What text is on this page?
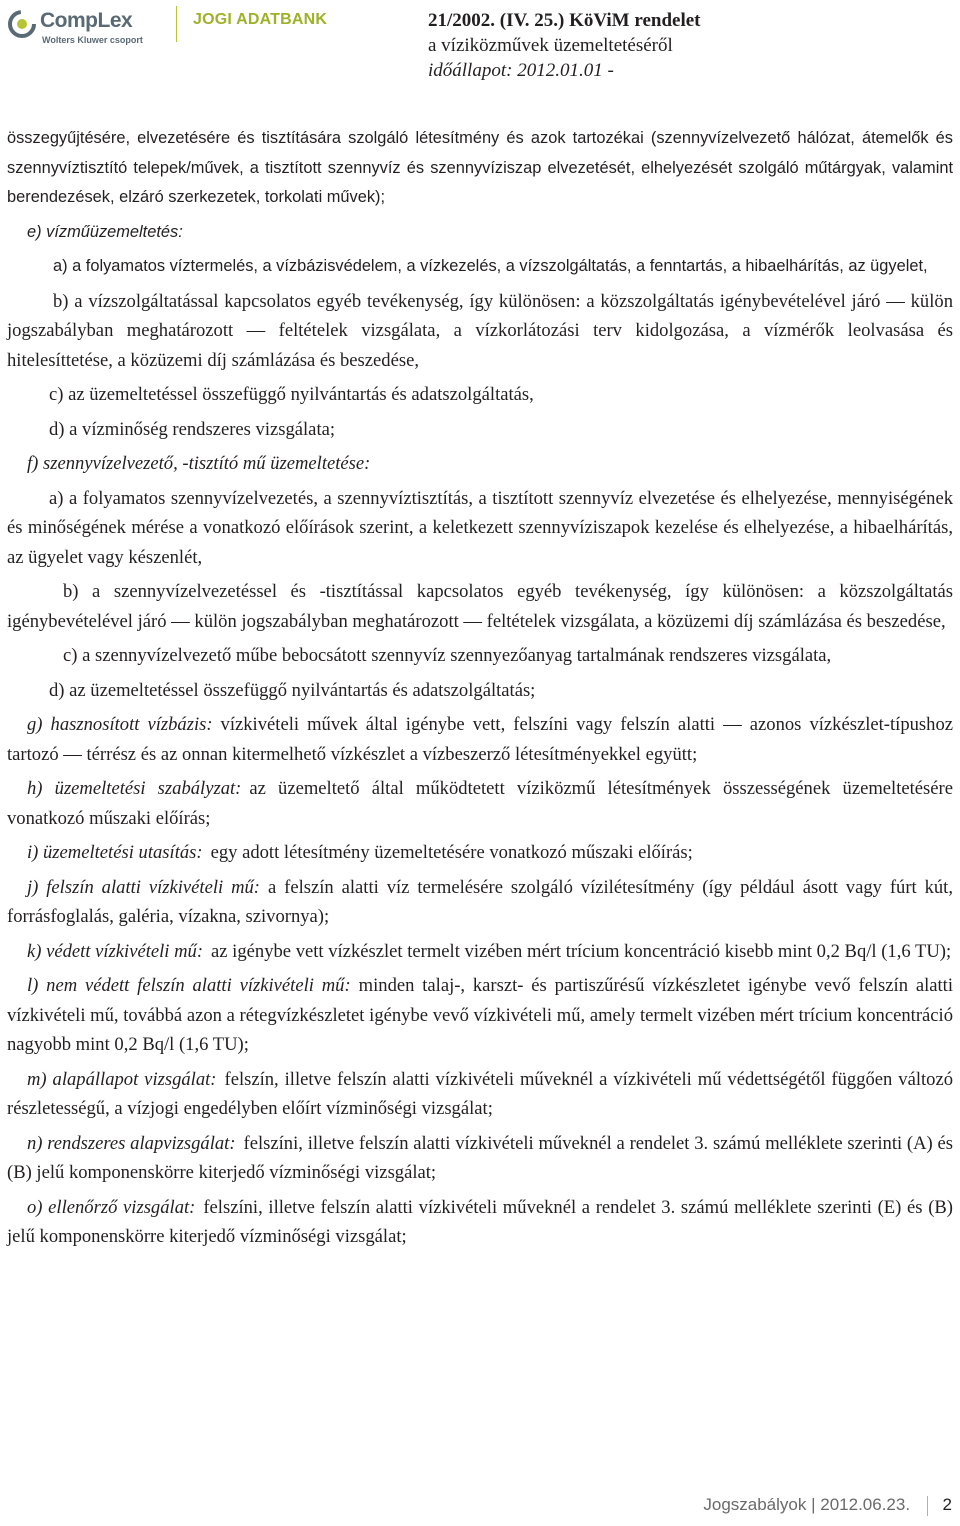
CompLex
Wolters Kluwer csoport
JOGI ADATBANK	21/2002. (IV. 25.) KöViM rendelet
a víziközművek üzemeltetéséről
időállapot: 2012.01.01 -

összegyűjtésére, elvezetésére és tisztítására szolgáló létesítmény és azok tartozékai (szennyvízelvezető hálózat, átemelők és szennyvíztisztító telepek/művek, a tisztított szennyvíz és szennyvíziszap elvezetését, elhelyezését szolgáló műtárgyak, valamint berendezések, elzáró szerkezetek, torkolati művek);

e) vízműüzemeltetés:

a) a folyamatos víztermelés, a vízbázisvédelem, a vízkezelés, a vízszolgáltatás, a fenntartás, a hibaelhárítás, az ügyelet,

b) a vízszolgáltatással kapcsolatos egyéb tevékenység, így különösen: a közszolgáltatás igénybevételével járó — külön jogszabályban meghatározott — feltételek vizsgálata, a vízkorlátozási terv kidolgozása, a vízmérők leolvasása és hitelesíttetése, a közüzemi díj számlázása és beszedése,

c) az üzemeltetéssel összefüggő nyilvántartás és adatszolgáltatás,

d) a vízminőség rendszeres vizsgálata;

f) szennyvízelvezető, -tisztító mű üzemeltetése:

a) a folyamatos szennyvízelvezetés, a szennyvíztisztítás, a tisztított szennyvíz elvezetése és elhelyezése, mennyiségének és minőségének mérése a vonatkozó előírások szerint, a keletkezett szennyvíziszapok kezelése és elhelyezése, a hibaelhárítás, az ügyelet vagy készenlét,

b) a szennyvízelvezetéssel és -tisztítással kapcsolatos egyéb tevékenység, így különösen: a közszolgáltatás igénybevételével járó — külön jogszabályban meghatározott — feltételek vizsgálata, a közüzemi díj számlázása és beszedése,

c) a szennyvízelvezető műbe bebocsátott szennyvíz szennyezőanyag tartalmának rendszeres vizsgálata,

d) az üzemeltetéssel összefüggő nyilvántartás és adatszolgáltatás;

g) hasznosított vízbázis: vízkivételi művek által igénybe vett, felszíni vagy felszín alatti — azonos vízkészlet-típushoz tartozó — térrész és az onnan kitermelhető vízkészlet a vízbeszerző létesítményekkel együtt;

h) üzemeltetési szabályzat: az üzemeltető által működtetett víziközmű létesítmények összességének üzemeltetésére vonatkozó műszaki előírás;

i) üzemeltetési utasítás: egy adott létesítmény üzemeltetésére vonatkozó műszaki előírás;

j) felszín alatti vízkivételi mű: a felszín alatti víz termelésére szolgáló vízilétesítmény (így például ásott vagy fúrt kút, forrásfoglalás, galéria, vízakna, szivornya);

k) védett vízkivételi mű: az igénybe vett vízkészlet termelt vizében mért trícium koncentráció kisebb mint 0,2 Bq/l (1,6 TU);

l) nem védett felszín alatti vízkivételi mű: minden talaj-, karszt- és partiszűrésű vízkészletet igénybe vevő felszín alatti vízkivételi mű, továbbá azon a rétegvízkészletet igénybe vevő vízkivételi mű, amely termelt vizében mért trícium koncentráció nagyobb mint 0,2 Bq/l (1,6 TU);

m) alapállapot vizsgálat: felszín, illetve felszín alatti vízkivételi műveknél a vízkivételi mű védettségétől függően változó részletességű, a vízjogi engedélyben előírt vízminőségi vizsgálat;

n) rendszeres alapvizsgálat: felszíni, illetve felszín alatti vízkivételi műveknél a rendelet 3. számú melléklete szerinti (A) és (B) jelű komponenskörre kiterjedő vízminőségi vizsgálat;

o) ellenőrző vizsgálat: felszíni, illetve felszín alatti vízkivételi műveknél a rendelet 3. számú melléklete szerinti (E) és (B) jelű komponenskörre kiterjedő vízminőségi vizsgálat;

Jogszabályok | 2012.06.23. 2
